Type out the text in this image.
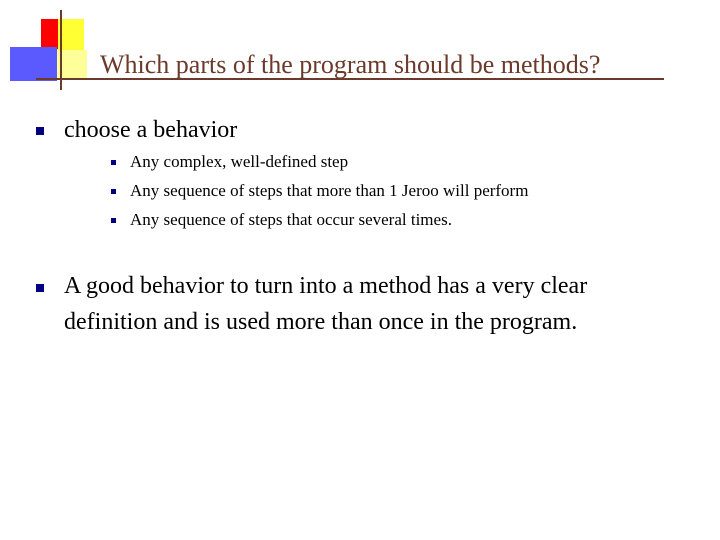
Which parts of the program should be methods?
choose a behavior
Any complex, well-defined step
Any sequence of steps that more than 1 Jeroo will perform
Any sequence of steps that occur several times.
A good behavior to turn into a method has a very clear
definition and is used more than once in the program.
